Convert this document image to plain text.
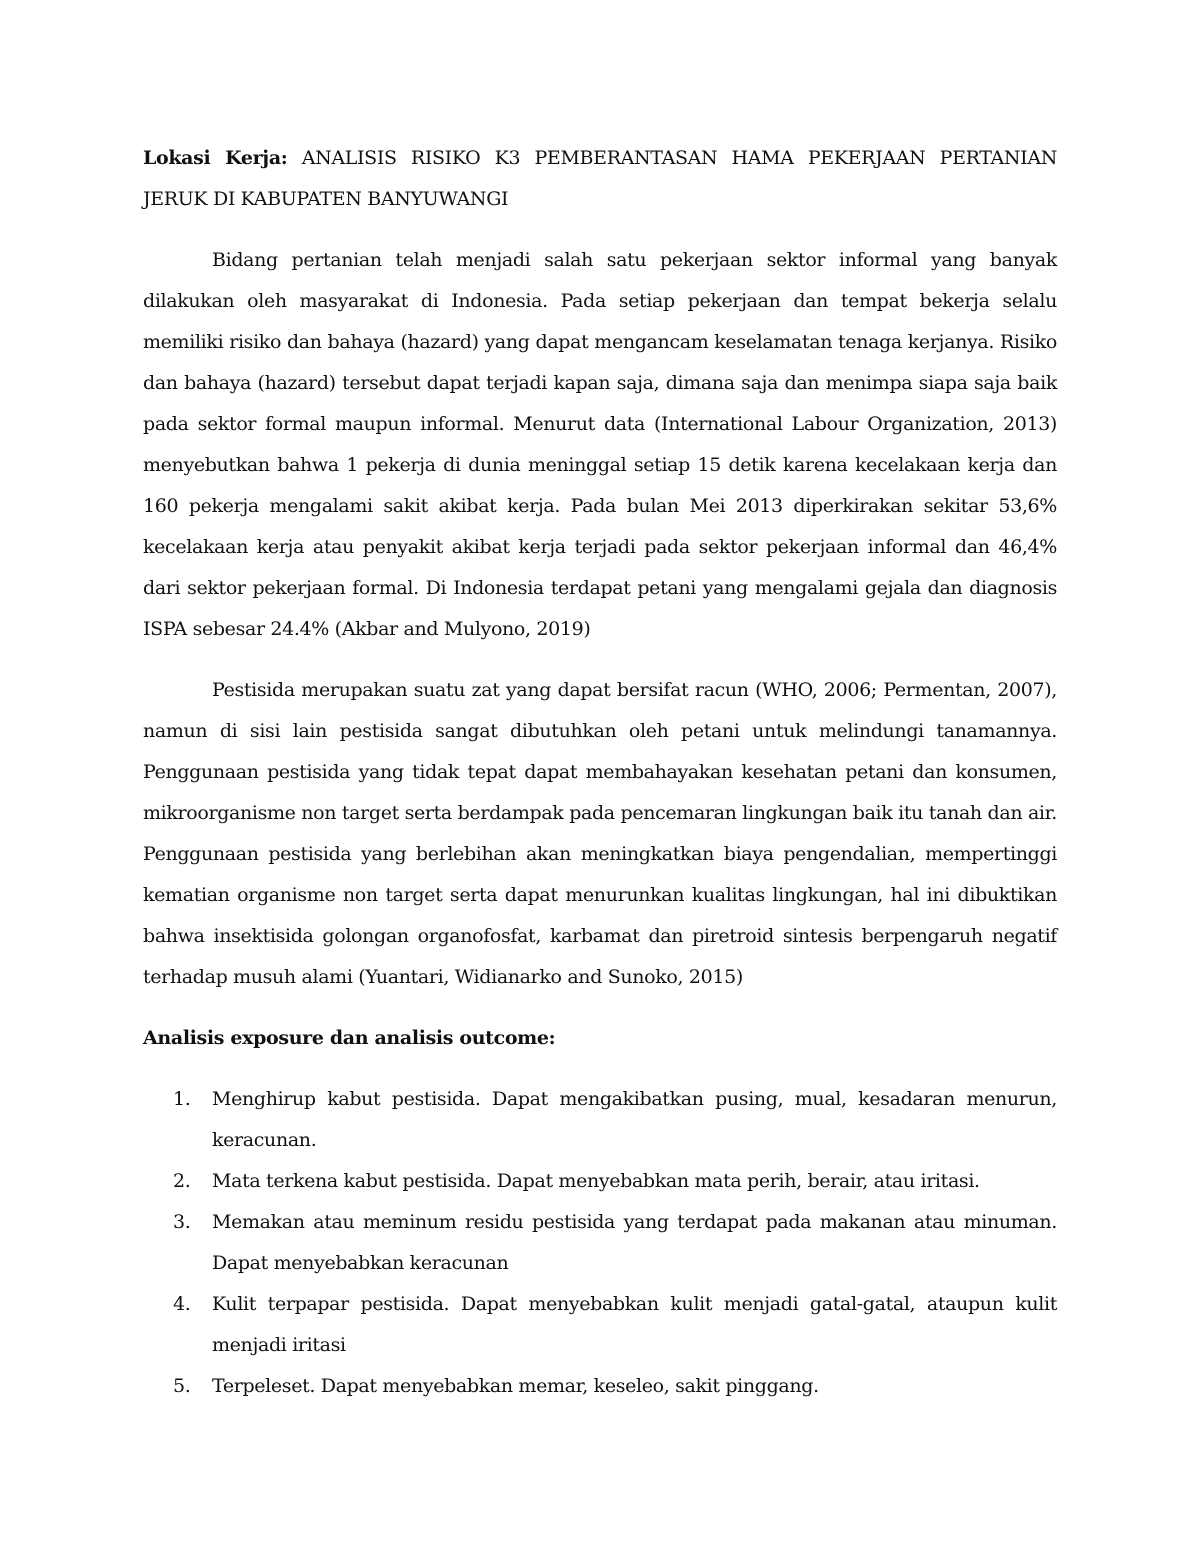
Lokasi Kerja: ANALISIS RISIKO K3 PEMBERANTASAN HAMA PEKERJAAN PERTANIAN JERUK DI KABUPATEN BANYUWANGI

Bidang pertanian telah menjadi salah satu pekerjaan sektor informal yang banyak dilakukan oleh masyarakat di Indonesia. Pada setiap pekerjaan dan tempat bekerja selalu memiliki risiko dan bahaya (hazard) yang dapat mengancam keselamatan tenaga kerjanya. Risiko dan bahaya (hazard) tersebut dapat terjadi kapan saja, dimana saja dan menimpa siapa saja baik pada sektor formal maupun informal. Menurut data (International Labour Organization, 2013) menyebutkan bahwa 1 pekerja di dunia meninggal setiap 15 detik karena kecelakaan kerja dan 160 pekerja mengalami sakit akibat kerja. Pada bulan Mei 2013 diperkirakan sekitar 53,6% kecelakaan kerja atau penyakit akibat kerja terjadi pada sektor pekerjaan informal dan 46,4% dari sektor pekerjaan formal. Di Indonesia terdapat petani yang mengalami gejala dan diagnosis ISPA sebesar 24.4% (Akbar and Mulyono, 2019)

Pestisida merupakan suatu zat yang dapat bersifat racun (WHO, 2006; Permentan, 2007), namun di sisi lain pestisida sangat dibutuhkan oleh petani untuk melindungi tanamannya. Penggunaan pestisida yang tidak tepat dapat membahayakan kesehatan petani dan konsumen, mikroorganisme non target serta berdampak pada pencemaran lingkungan baik itu tanah dan air. Penggunaan pestisida yang berlebihan akan meningkatkan biaya pengendalian, mempertinggi kematian organisme non target serta dapat menurunkan kualitas lingkungan, hal ini dibuktikan bahwa insektisida golongan organofosfat, karbamat dan piretroid sintesis berpengaruh negatif terhadap musuh alami (Yuantari, Widianarko and Sunoko, 2015)

Analisis exposure dan analisis outcome:

1. Menghirup kabut pestisida. Dapat mengakibatkan pusing, mual, kesadaran menurun, keracunan.
2. Mata terkena kabut pestisida. Dapat menyebabkan mata perih, berair, atau iritasi.
3. Memakan atau meminum residu pestisida yang terdapat pada makanan atau minuman. Dapat menyebabkan keracunan
4. Kulit terpapar pestisida. Dapat menyebabkan kulit menjadi gatal-gatal, ataupun kulit menjadi iritasi
5. Terpeleset. Dapat menyebabkan memar, keseleo, sakit pinggang.
